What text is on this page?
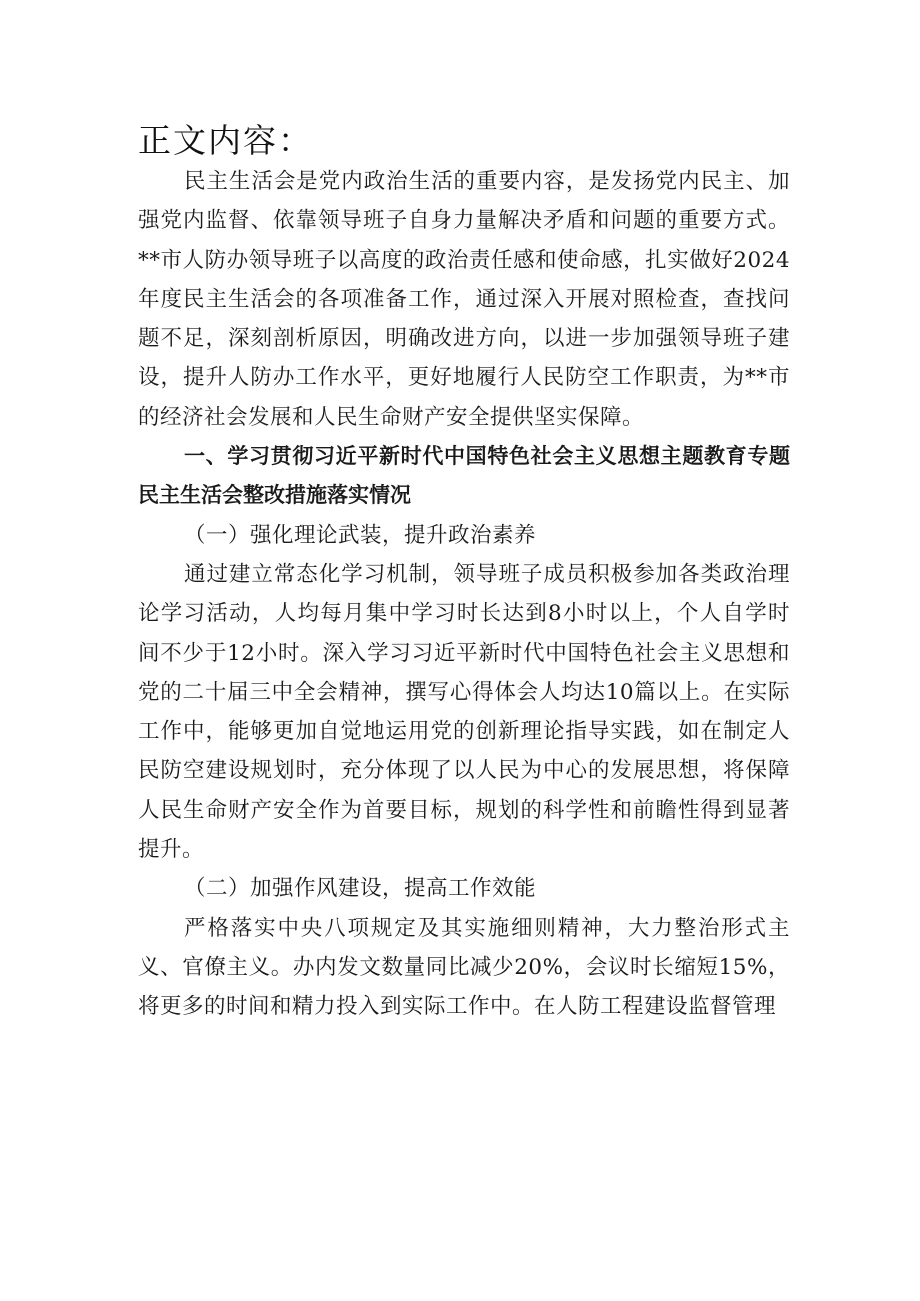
正文内容：

民主生活会是党内政治生活的重要内容，是发扬党内民主、加强党内监督、依靠领导班子自身力量解决矛盾和问题的重要方式。**市人防办领导班子以高度的政治责任感和使命感，扎实做好2024年度民主生活会的各项准备工作，通过深入开展对照检查，查找问题不足，深刻剖析原因，明确改进方向，以进一步加强领导班子建设，提升人防办工作水平，更好地履行人民防空工作职责，为**市的经济社会发展和人民生命财产安全提供坚实保障。

一、学习贯彻习近平新时代中国特色社会主义思想主题教育专题民主生活会整改措施落实情况

（一）强化理论武装，提升政治素养

通过建立常态化学习机制，领导班子成员积极参加各类政治理论学习活动，人均每月集中学习时长达到8小时以上，个人自学时间不少于12小时。深入学习习近平新时代中国特色社会主义思想和党的二十届三中全会精神，撰写心得体会人均达10篇以上。在实际工作中，能够更加自觉地运用党的创新理论指导实践，如在制定人民防空建设规划时，充分体现了以人民为中心的发展思想，将保障人民生命财产安全作为首要目标，规划的科学性和前瞻性得到显著提升。

（二）加强作风建设，提高工作效能

严格落实中央八项规定及其实施细则精神，大力整治形式主义、官僚主义。办内发文数量同比减少20%，会议时长缩短15%，将更多的时间和精力投入到实际工作中。在人防工程建设监督管理
